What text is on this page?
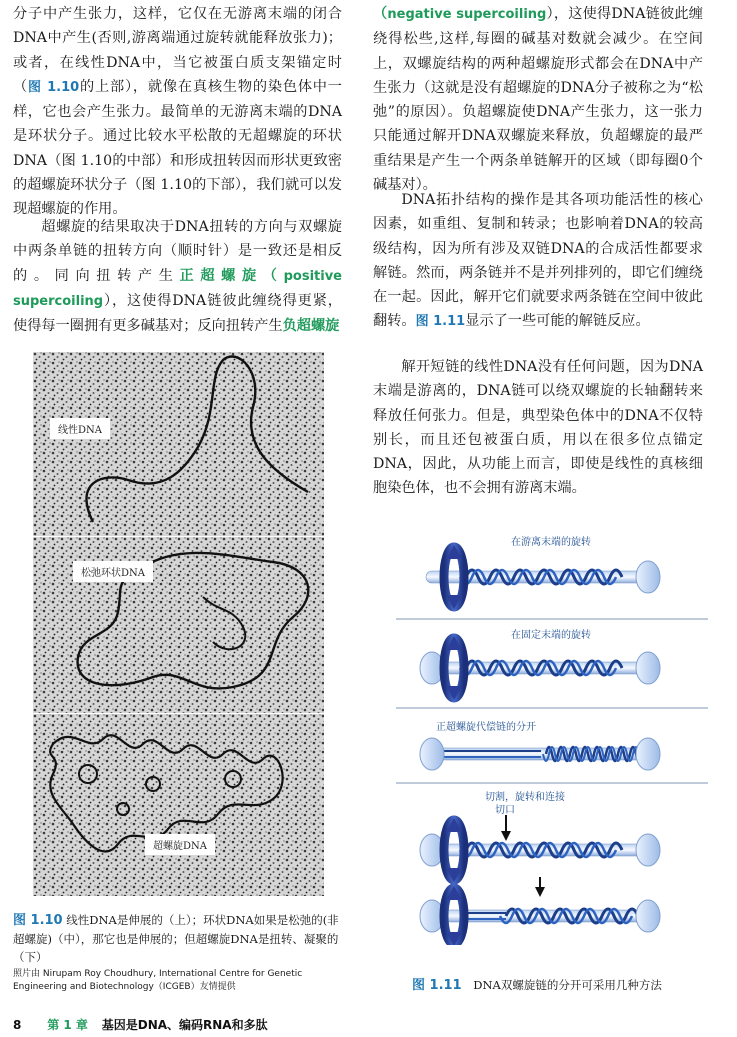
分子中产生张力，这样，它仅在无游离末端的闭合DNA中产生(否则,游离端通过旋转就能释放张力)；或者，在线性DNA中，当它被蛋白质支架锚定时（图 1.10的上部），就像在真核生物的染色体中一样，它也会产生张力。最简单的无游离末端的DNA是环状分子。通过比较水平松散的无超螺旋的环状DNA（图 1.10的中部）和形成扭转因而形状更致密的超螺旋环状分子（图 1.10的下部），我们就可以发现超螺旋的作用。

超螺旋的结果取决于DNA扭转的方向与双螺旋中两条单链的扭转方向（顺时针）是一致还是相反的。同向扭转产生正超螺旋（positive supercoiling），这使得DNA链彼此缠绕得更紧，使得每一圈拥有更多碱基对；反向扭转产生负超螺旋

（negative supercoiling），这使得DNA链彼此缠绕得松些,这样,每圈的碱基对数就会减少。在空间上，双螺旋结构的两种超螺旋形式都会在DNA中产生张力（这就是没有超螺旋的DNA分子被称之为“松弛”的原因）。负超螺旋使DNA产生张力，这一张力只能通过解开DNA双螺旋来释放，负超螺旋的最严重结果是产生一个两条单链解开的区域（即每圈0个碱基对）。

DNA拓扑结构的操作是其各项功能活性的核心因素，如重组、复制和转录；也影响着DNA的较高级结构，因为所有涉及双链DNA的合成活性都要求解链。然而，两条链并不是并列排列的，即它们缠绕在一起。因此，解开它们就要求两条链在空间中彼此翻转。图 1.11显示了一些可能的解链反应。

解开短链的线性DNA没有任何问题，因为DNA末端是游离的，DNA链可以绕双螺旋的长轴翻转来释放任何张力。但是，典型染色体中的DNA不仅特别长，而且还包被蛋白质，用以在很多位点锚定DNA，因此，从功能上而言，即使是线性的真核细胞染色体，也不会拥有游离末端。

线性DNA
松弛环状DNA
超螺旋DNA
图 1.10 线性DNA是伸展的（上）；环状DNA如果是松弛的(非超螺旋)（中），那它也是伸展的；但超螺旋DNA是扭转、凝聚的（下）
照片由 Nirupam Roy Choudhury, International Centre for Genetic Engineering and Biotechnology（ICGEB）友情提供
在游离末端的旋转
在固定末端的旋转
正超螺旋代偿链的分开
切割，旋转和连接
切口
图 1.11 DNA双螺旋链的分开可采用几种方法
8 第 1 章 基因是DNA、编码RNA和多肽
